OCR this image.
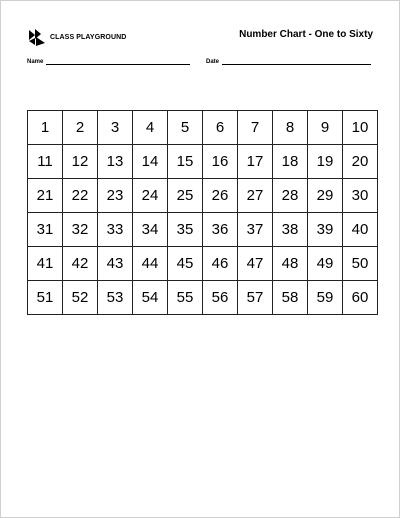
CLASS PLAYGROUND	Number Chart - One to Sixty
Name	Date
1	2	3	4	5	6	7	8	9	10
11	12	13	14	15	16	17	18	19	20
21	22	23	24	25	26	27	28	29	30
31	32	33	34	35	36	37	38	39	40
41	42	43	44	45	46	47	48	49	50
51	52	53	54	55	56	57	58	59	60
